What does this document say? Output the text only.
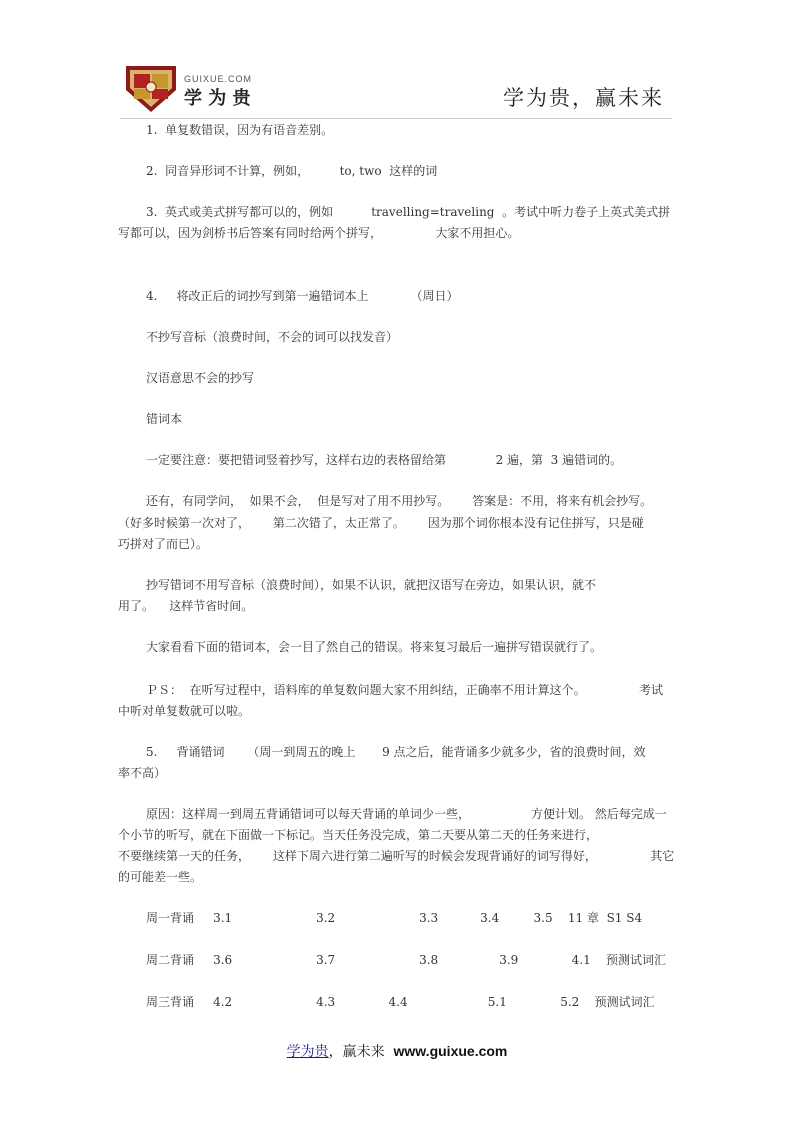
GUIXUE.COM
学 为 贵	学为贵，赢未来
1.  单复数错误，因为有语音差别。
2.  同音异形词不计算，例如，        to, two  这样的词
3.  英式或美式拼写都可以的，例如          travelling=traveling  。考试中听力卷子上英式美式拼
写都可以，因为剑桥书后答案有同时给两个拼写，              大家不用担心。
4.     将改正后的词抄写到第一遍错词本上           （周日）
不抄写音标（浪费时间，不会的词可以找发音）
汉语意思不会的抄写
错词本
一定要注意：要把错词竖着抄写，这样右边的表格留给第             2 遍，第  3 遍错词的。
还有，有同学问，  如果不会，  但是写对了用不用抄写。      答案是：不用，将来有机会抄写。
（好多时候第一次对了，      第二次错了，太正常了。      因为那个词你根本没有记住拼写，只是碰
巧拼对了而已）。
抄写错词不用写音标（浪费时间），如果不认识，就把汉语写在旁边，如果认识，就不
用了。    这样节省时间。
大家看看下面的错词本，会一目了然自己的错误。将来复习最后一遍拼写错误就行了。
ＰＳ：  在听写过程中，语料库的单复数问题大家不用纠结，正确率不用计算这个。              考试
中听对单复数就可以啦。
5.     背诵错词      （周一到周五的晚上       9 点之后，能背诵多少就多少，省的浪费时间，效
率不高）
原因：这样周一到周五背诵错词可以每天背诵的单词少一些，                方便计划。 然后每完成一
个小节的听写，就在下面做一下标记。当天任务没完成，第二天要从第二天的任务来进行，
不要继续第一天的任务，      这样下周六进行第二遍听写的时候会发现背诵好的词写得好，              其它
的可能差一些。
周一背诵     3.1                      3.2                      3.3           3.4         3.5    11 章  S1 S4
周二背诵     3.6                      3.7                      3.8                3.9              4.1    预测试词汇
周三背诵     4.2                      4.3              4.4                     5.1              5.2    预测试词汇
学为贵，赢未来 www.guixue.com
